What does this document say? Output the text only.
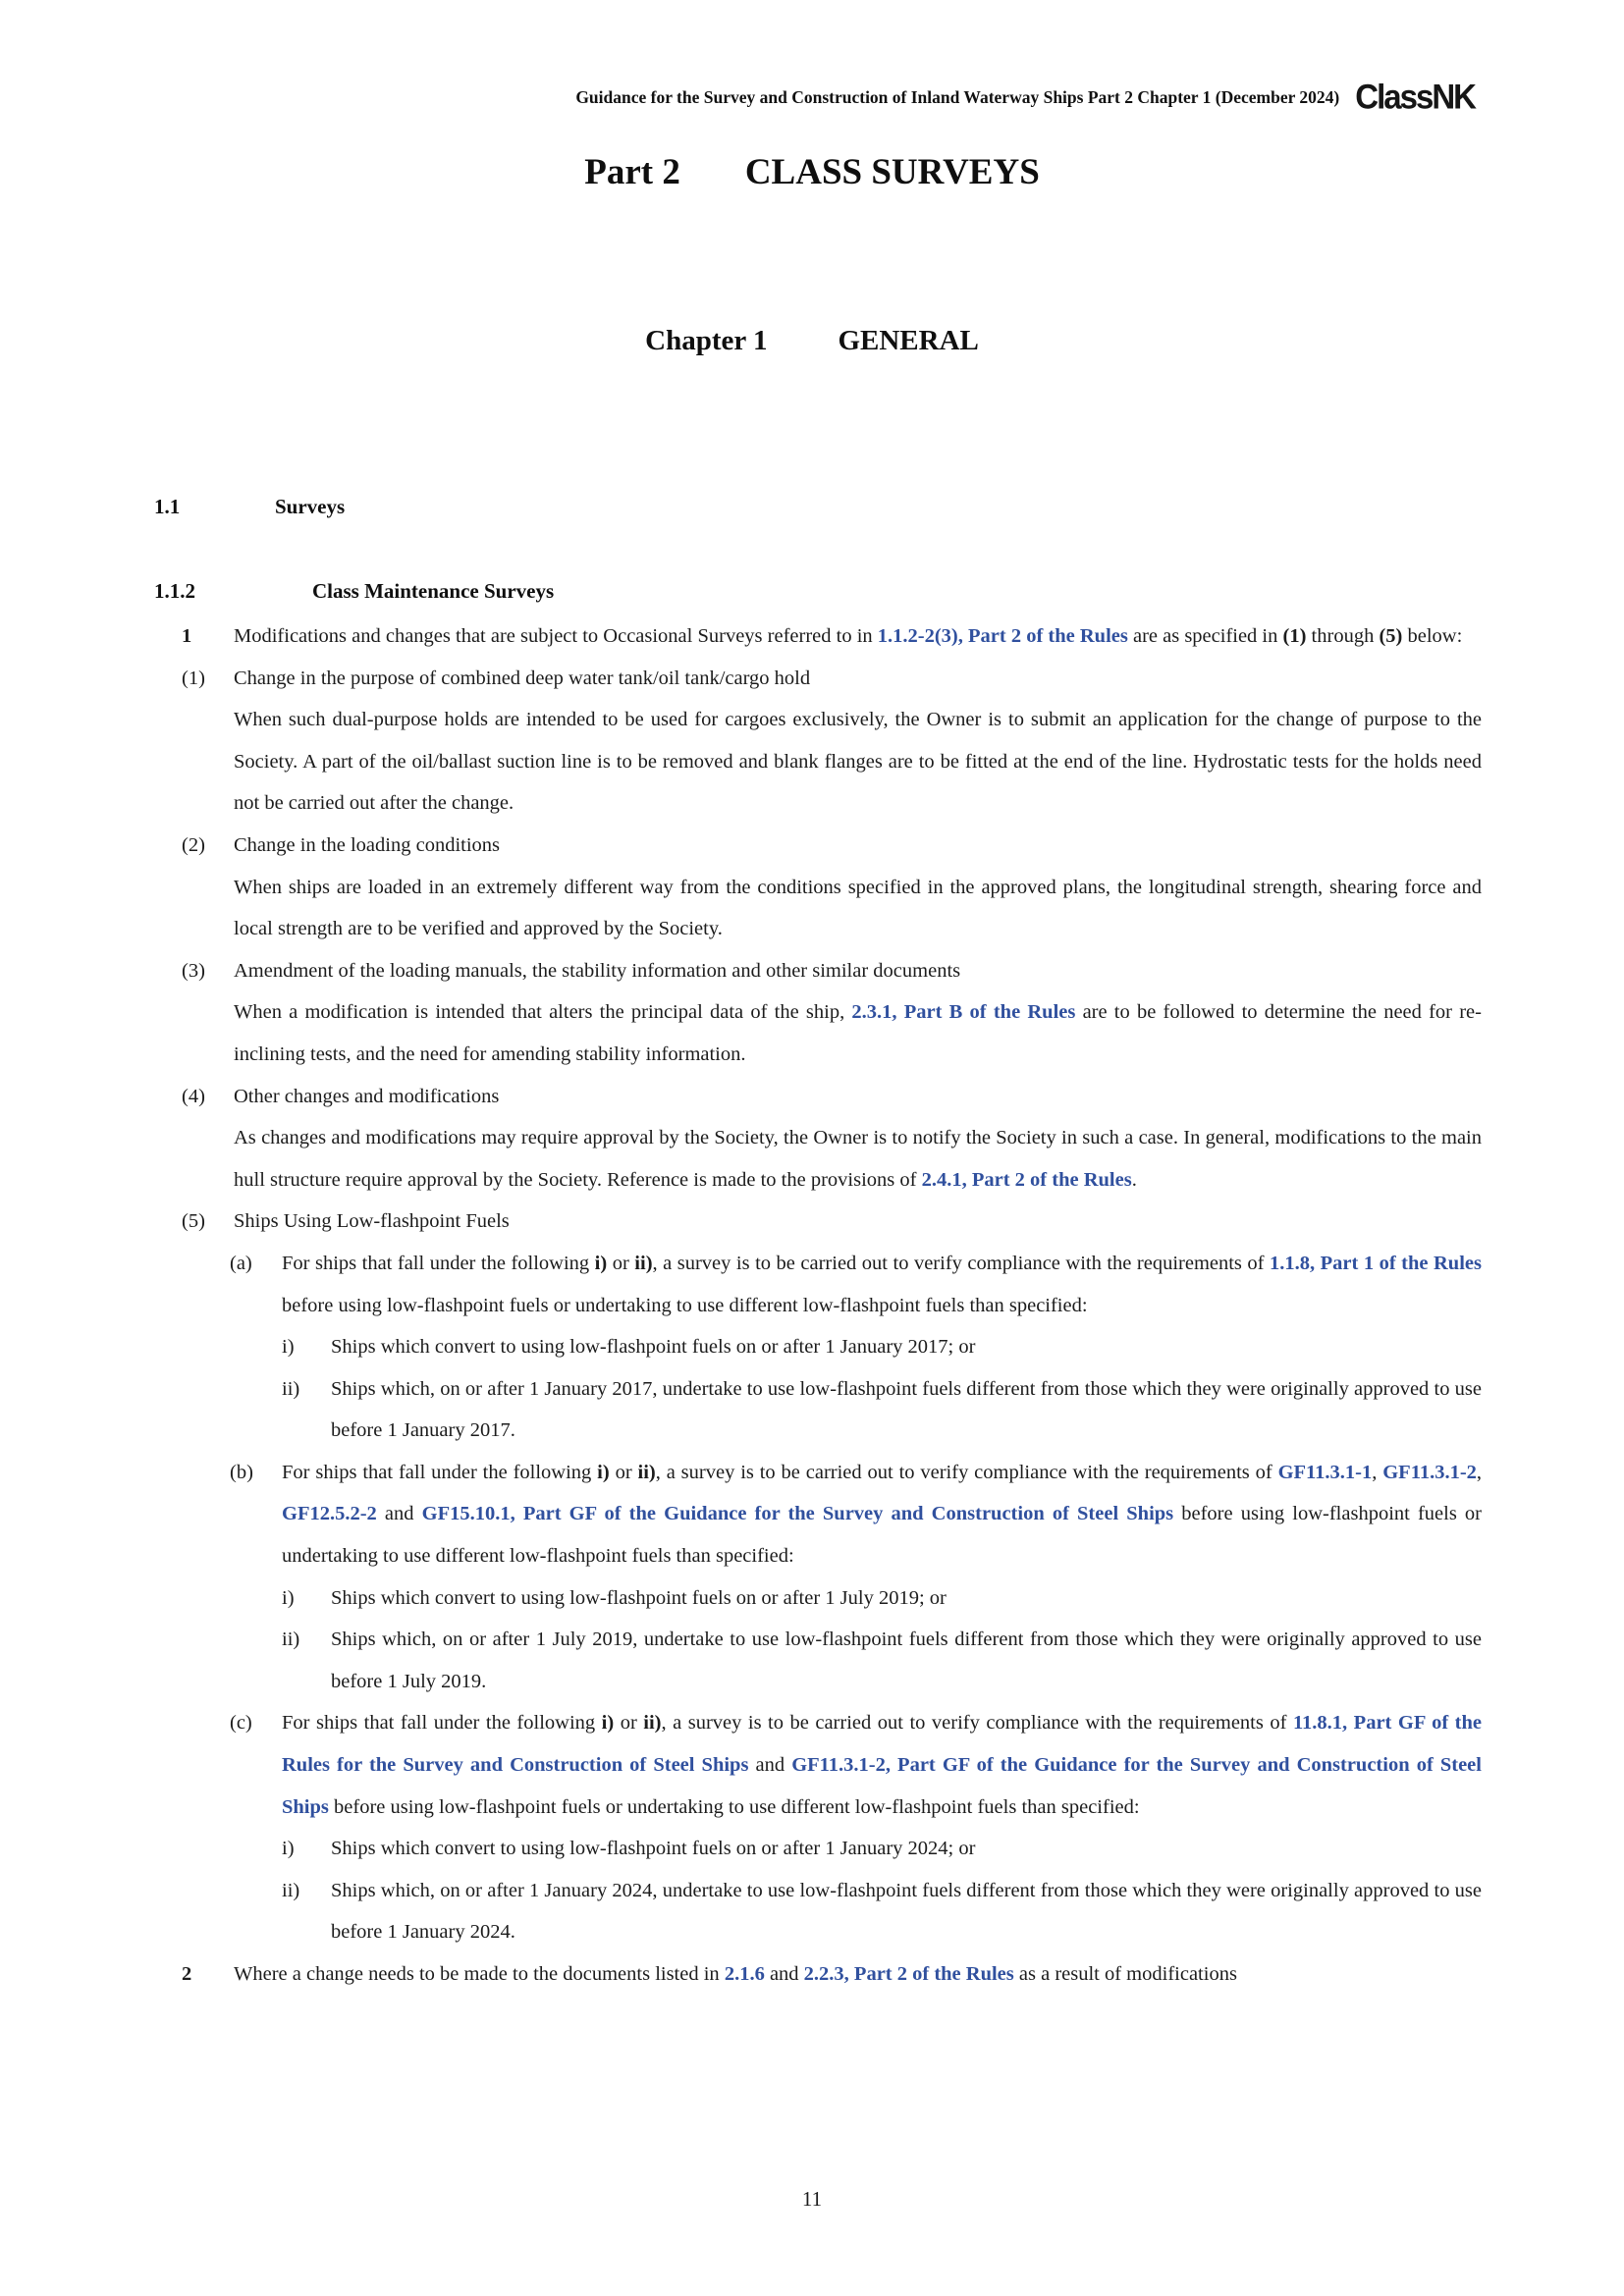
Guidance for the Survey and Construction of Inland Waterway Ships Part 2 Chapter 1 (December 2024) ClassNK
Part 2 CLASS SURVEYS
Chapter 1 GENERAL
1.1	Surveys
1.1.2	Class Maintenance Surveys
1 Modifications and changes that are subject to Occasional Surveys referred to in 1.1.2-2(3), Part 2 of the Rules are as specified in (1) through (5) below:
(1) Change in the purpose of combined deep water tank/oil tank/cargo hold
When such dual-purpose holds are intended to be used for cargoes exclusively, the Owner is to submit an application for the change of purpose to the Society. A part of the oil/ballast suction line is to be removed and blank flanges are to be fitted at the end of the line. Hydrostatic tests for the holds need not be carried out after the change.
(2) Change in the loading conditions
When ships are loaded in an extremely different way from the conditions specified in the approved plans, the longitudinal strength, shearing force and local strength are to be verified and approved by the Society.
(3) Amendment of the loading manuals, the stability information and other similar documents
When a modification is intended that alters the principal data of the ship, 2.3.1, Part B of the Rules are to be followed to determine the need for re-inclining tests, and the need for amending stability information.
(4) Other changes and modifications
As changes and modifications may require approval by the Society, the Owner is to notify the Society in such a case. In general, modifications to the main hull structure require approval by the Society. Reference is made to the provisions of 2.4.1, Part 2 of the Rules.
(5) Ships Using Low-flashpoint Fuels
(a) For ships that fall under the following i) or ii), a survey is to be carried out to verify compliance with the requirements of 1.1.8, Part 1 of the Rules before using low-flashpoint fuels or undertaking to use different low-flashpoint fuels than specified:
i) Ships which convert to using low-flashpoint fuels on or after 1 January 2017; or
ii) Ships which, on or after 1 January 2017, undertake to use low-flashpoint fuels different from those which they were originally approved to use before 1 January 2017.
(b) For ships that fall under the following i) or ii), a survey is to be carried out to verify compliance with the requirements of GF11.3.1-1, GF11.3.1-2, GF12.5.2-2 and GF15.10.1, Part GF of the Guidance for the Survey and Construction of Steel Ships before using low-flashpoint fuels or undertaking to use different low-flashpoint fuels than specified:
i) Ships which convert to using low-flashpoint fuels on or after 1 July 2019; or
ii) Ships which, on or after 1 July 2019, undertake to use low-flashpoint fuels different from those which they were originally approved to use before 1 July 2019.
(c) For ships that fall under the following i) or ii), a survey is to be carried out to verify compliance with the requirements of 11.8.1, Part GF of the Rules for the Survey and Construction of Steel Ships and GF11.3.1-2, Part GF of the Guidance for the Survey and Construction of Steel Ships before using low-flashpoint fuels or undertaking to use different low-flashpoint fuels than specified:
i) Ships which convert to using low-flashpoint fuels on or after 1 January 2024; or
ii) Ships which, on or after 1 January 2024, undertake to use low-flashpoint fuels different from those which they were originally approved to use before 1 January 2024.
2 Where a change needs to be made to the documents listed in 2.1.6 and 2.2.3, Part 2 of the Rules as a result of modifications
11
